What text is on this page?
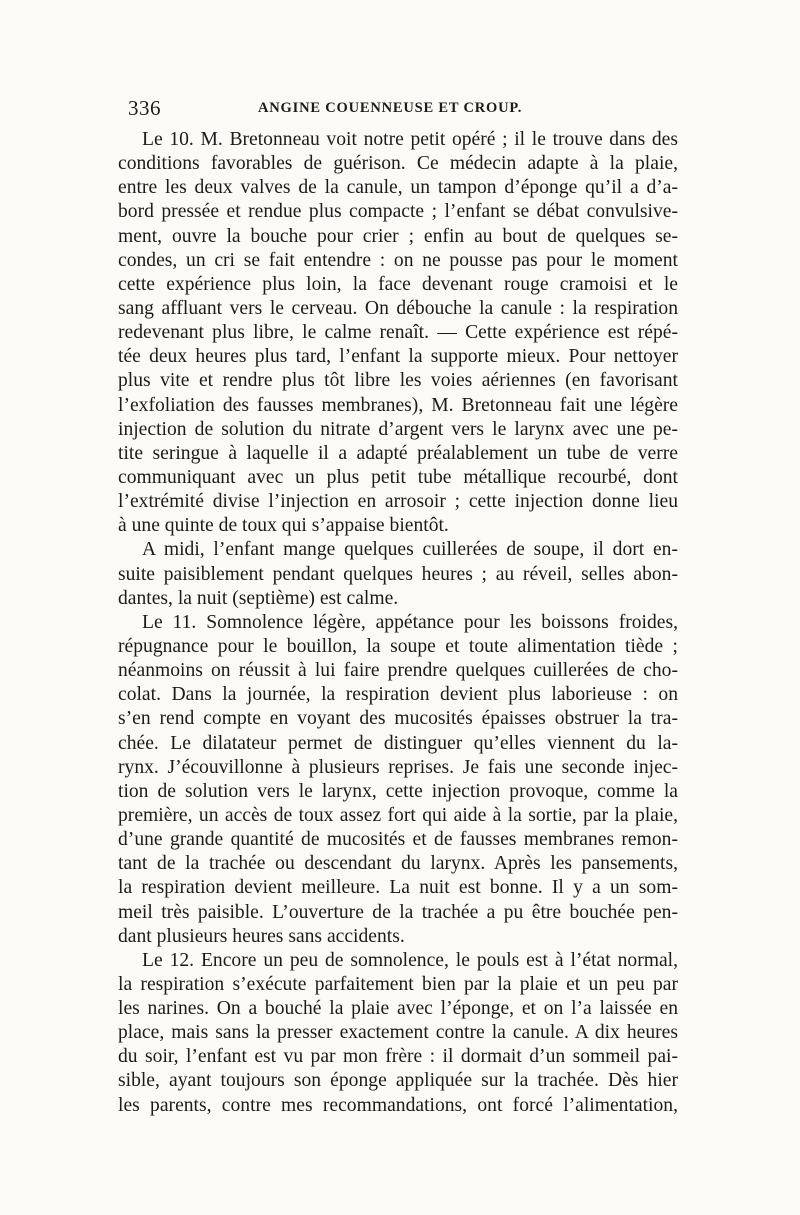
336	ANGINE COUENNEUSE ET CROUP.
Le 10. M. Bretonneau voit notre petit opéré ; il le trouve dans des
conditions favorables de guérison. Ce médecin adapte à la plaie,
entre les deux valves de la canule, un tampon d’éponge qu’il a d’a-
bord pressée et rendue plus compacte ; l’enfant se débat convulsive-
ment, ouvre la bouche pour crier ; enfin au bout de quelques se-
condes, un cri se fait entendre : on ne pousse pas pour le moment
cette expérience plus loin, la face devenant rouge cramoisi et le
sang affluant vers le cerveau. On débouche la canule : la respiration
redevenant plus libre, le calme renaît. — Cette expérience est répé-
tée deux heures plus tard, l’enfant la supporte mieux. Pour nettoyer
plus vite et rendre plus tôt libre les voies aériennes (en favorisant
l’exfoliation des fausses membranes), M. Bretonneau fait une légère
injection de solution du nitrate d’argent vers le larynx avec une pe-
tite seringue à laquelle il a adapté préalablement un tube de verre
communiquant avec un plus petit tube métallique recourbé, dont
l’extrémité divise l’injection en arrosoir ; cette injection donne lieu
à une quinte de toux qui s’appaise bientôt.
A midi, l’enfant mange quelques cuillerées de soupe, il dort en-
suite paisiblement pendant quelques heures ; au réveil, selles abon-
dantes, la nuit (septième) est calme.
Le 11. Somnolence légère, appétance pour les boissons froides,
répugnance pour le bouillon, la soupe et toute alimentation tiède ;
néanmoins on réussit à lui faire prendre quelques cuillerées de cho-
colat. Dans la journée, la respiration devient plus laborieuse : on
s’en rend compte en voyant des mucosités épaisses obstruer la tra-
chée. Le dilatateur permet de distinguer qu’elles viennent du la-
rynx. J’écouvillonne à plusieurs reprises. Je fais une seconde injec-
tion de solution vers le larynx, cette injection provoque, comme la
première, un accès de toux assez fort qui aide à la sortie, par la plaie,
d’une grande quantité de mucosités et de fausses membranes remon-
tant de la trachée ou descendant du larynx. Après les pansements,
la respiration devient meilleure. La nuit est bonne. Il y a un som-
meil très paisible. L’ouverture de la trachée a pu être bouchée pen-
dant plusieurs heures sans accidents.
Le 12. Encore un peu de somnolence, le pouls est à l’état normal,
la respiration s’exécute parfaitement bien par la plaie et un peu par
les narines. On a bouché la plaie avec l’éponge, et on l’a laissée en
place, mais sans la presser exactement contre la canule. A dix heures
du soir, l’enfant est vu par mon frère : il dormait d’un sommeil pai-
sible, ayant toujours son éponge appliquée sur la trachée. Dès hier
les parents, contre mes recommandations, ont forcé l’alimentation,
